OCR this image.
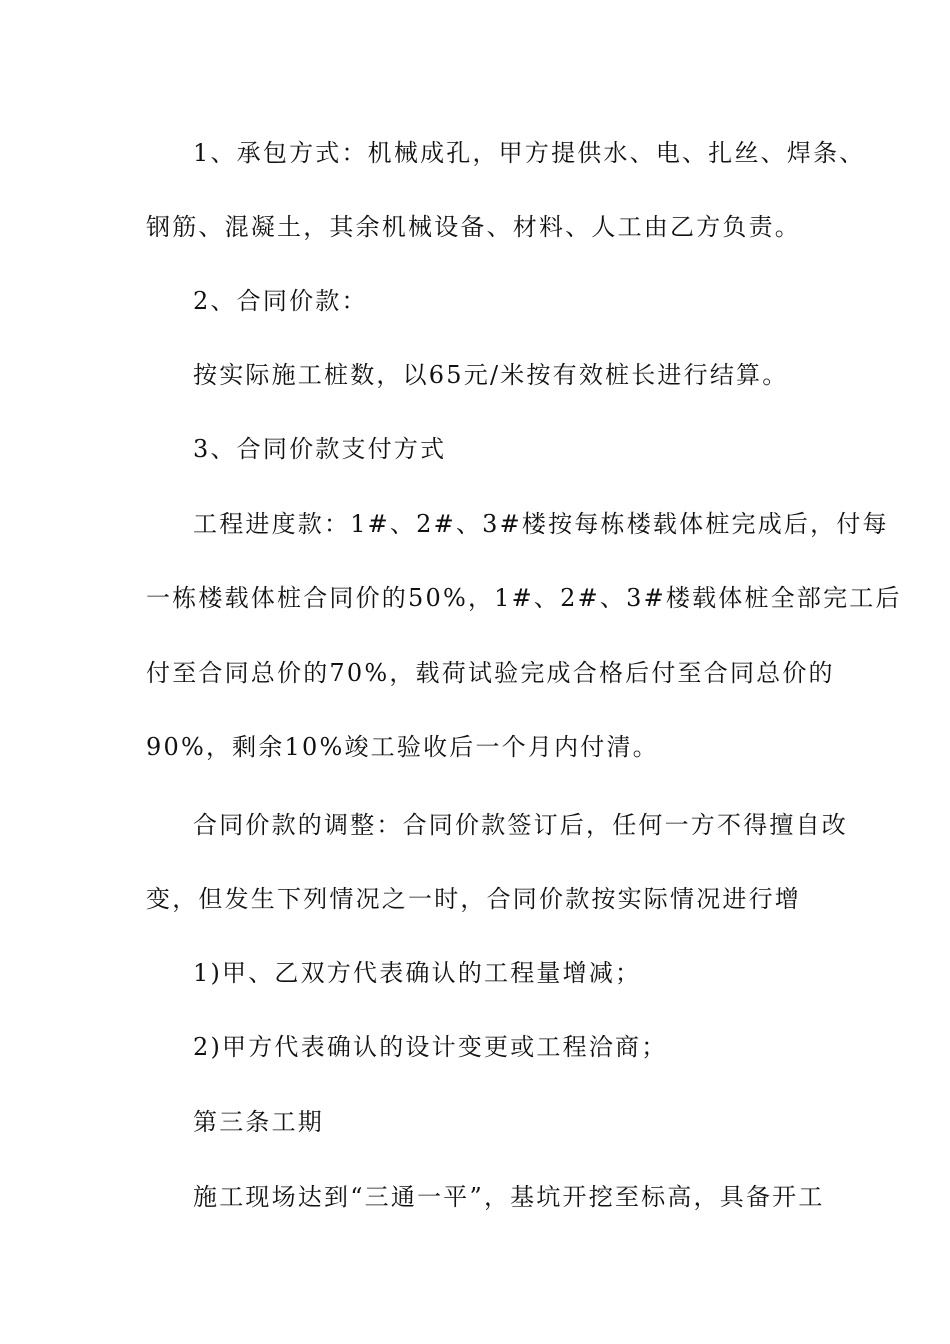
1、承包方式：机械成孔，甲方提供水、电、扎丝、焊条、
钢筋、混凝土，其余机械设备、材料、人工由乙方负责。
2、合同价款：
按实际施工桩数，以65元/米按有效桩长进行结算。
3、合同价款支付方式
工程进度款：1#、2#、3#楼按每栋楼载体桩完成后，付每
一栋楼载体桩合同价的50%，1#、2#、3#楼载体桩全部完工后
付至合同总价的70%，载荷试验完成合格后付至合同总价的
90%，剩余10%竣工验收后一个月内付清。
合同价款的调整：合同价款签订后，任何一方不得擅自改
变，但发生下列情况之一时，合同价款按实际情况进行增
1)甲、乙双方代表确认的工程量增减；
2)甲方代表确认的设计变更或工程洽商；
第三条工期
施工现场达到“三通一平”，基坑开挖至标高，具备开工
